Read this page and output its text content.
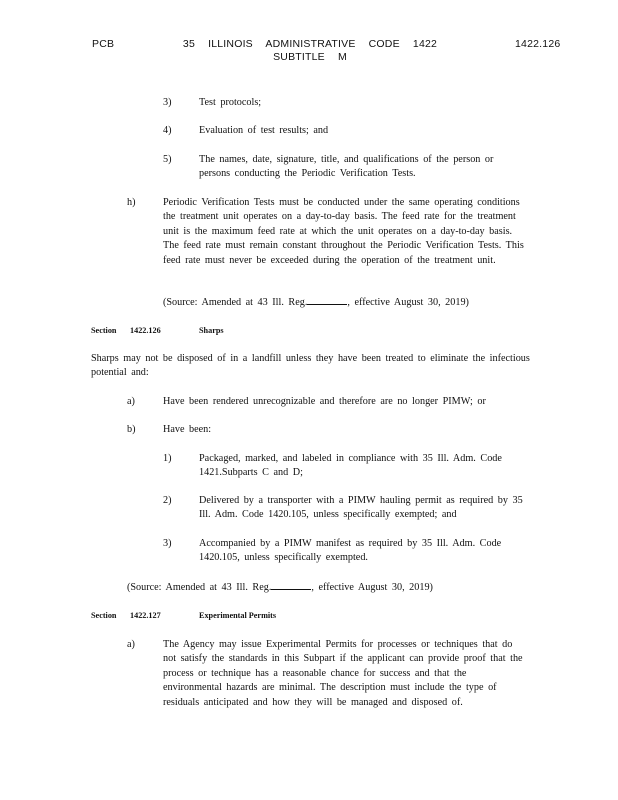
PCB	35 ILLINOIS ADMINISTRATIVE CODE 1422
SUBTITLE M
1422.126
3)	Test protocols;
4)	Evaluation of test results; and
5)	The names, date, signature, title, and qualifications of the person or persons conducting the Periodic Verification Tests.
h)	Periodic Verification Tests must be conducted under the same operating conditions the treatment unit operates on a day-to-day basis. The feed rate for the treatment unit is the maximum feed rate at which the unit operates on a day-to-day basis. The feed rate must remain constant throughout the Periodic Verification Tests. This feed rate must never be exceeded during the operation of the treatment unit.
(Source: Amended at 43 Ill. Reg.	, effective August 30, 2019)
Section 1422.126	Sharps
Sharps may not be disposed of in a landfill unless they have been treated to eliminate the infectious potential and:
a)	Have been rendered unrecognizable and therefore are no longer PIMW; or
b)	Have been:
1)	Packaged, marked, and labeled in compliance with 35 Ill. Adm. Code 1421.Subparts C and D;
2)	Delivered by a transporter with a PIMW hauling permit as required by 35 Ill. Adm. Code 1420.105, unless specifically exempted; and
3)	Accompanied by a PIMW manifest as required by 35 Ill. Adm. Code 1420.105, unless specifically exempted.
(Source: Amended at 43 Ill. Reg.	, effective August 30, 2019)
Section 1422.127	Experimental Permits
a)	The Agency may issue Experimental Permits for processes or techniques that do not satisfy the standards in this Subpart if the applicant can provide proof that the process or technique has a reasonable chance for success and that the environmental hazards are minimal. The description must include the type of residuals anticipated and how they will be managed and disposed of.
